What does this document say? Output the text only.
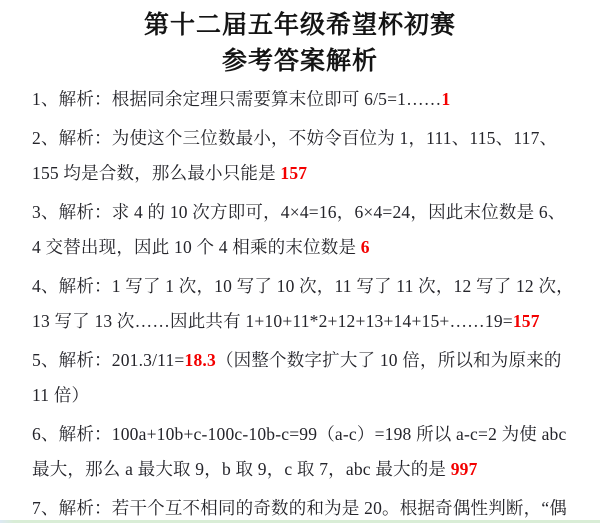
第十二届五年级希望杯初赛
参考答案解析
1、解析：根据同余定理只需要算末位即可 6/5=1……1
2、解析：为使这个三位数最小，不妨令百位为 1，111、115、117、
155 均是合数，那么最小只能是 157
3、解析：求 4 的 10 次方即可，4×4=16，6×4=24，因此末位数是 6、
4 交替出现，因此 10 个 4 相乘的末位数是 6
4、解析：1 写了 1 次，10 写了 10 次，11 写了 11 次，12 写了 12 次，
13 写了 13 次……因此共有 1+10+11*2+12+13+14+15+……19=157
5、解析：201.3/11=18.3（因整个数字扩大了 10 倍，所以和为原来的
11 倍）
6、解析：100a+10b+c-100c-10b-c=99（a-c）=198 所以 a-c=2 为使 abc
最大，那么 a 最大取 9，b 取 9，c 取 7，abc 最大的是 997
7、解析：若干个互不相同的奇数的和为是 20。根据奇偶性判断，“偶
